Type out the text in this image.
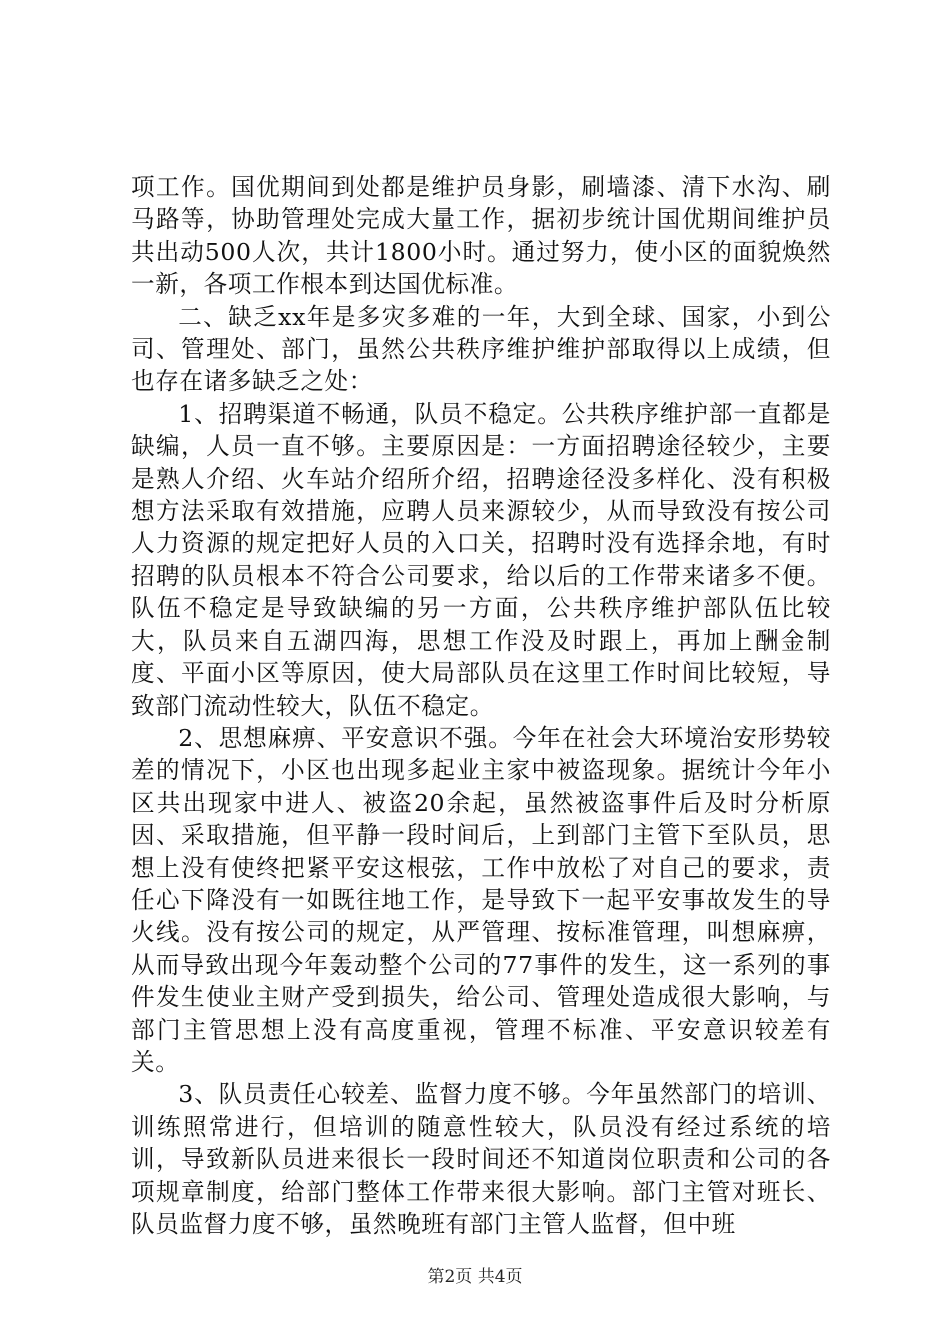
项工作。国优期间到处都是维护员身影，刷墙漆、清下水沟、刷马路等，协助管理处完成大量工作，据初步统计国优期间维护员共出动500人次，共计1800小时。通过努力，使小区的面貌焕然一新，各项工作根本到达国优标准。

二、缺乏xx年是多灾多难的一年，大到全球、国家，小到公司、管理处、部门，虽然公共秩序维护维护部取得以上成绩，但也存在诸多缺乏之处：

1、招聘渠道不畅通，队员不稳定。公共秩序维护部一直都是缺编，人员一直不够。主要原因是：一方面招聘途径较少，主要是熟人介绍、火车站介绍所介绍，招聘途径没多样化、没有积极想方法采取有效措施，应聘人员来源较少，从而导致没有按公司人力资源的规定把好人员的入口关，招聘时没有选择余地，有时招聘的队员根本不符合公司要求，给以后的工作带来诸多不便。队伍不稳定是导致缺编的另一方面，公共秩序维护部队伍比较大，队员来自五湖四海，思想工作没及时跟上，再加上酬金制度、平面小区等原因，使大局部队员在这里工作时间比较短，导致部门流动性较大，队伍不稳定。

2、思想麻痹、平安意识不强。今年在社会大环境治安形势较差的情况下，小区也出现多起业主家中被盗现象。据统计今年小区共出现家中进人、被盗20余起，虽然被盗事件后及时分析原因、采取措施，但平静一段时间后，上到部门主管下至队员，思想上没有使终把紧平安这根弦，工作中放松了对自己的要求，责任心下降没有一如既往地工作，是导致下一起平安事故发生的导火线。没有按公司的规定，从严管理、按标准管理，叫想麻痹，从而导致出现今年轰动整个公司的77事件的发生，这一系列的事件发生使业主财产受到损失，给公司、管理处造成很大影响，与部门主管思想上没有高度重视，管理不标准、平安意识较差有关。

3、队员责任心较差、监督力度不够。今年虽然部门的培训、训练照常进行，但培训的随意性较大，队员没有经过系统的培训，导致新队员进来很长一段时间还不知道岗位职责和公司的各项规章制度，给部门整体工作带来很大影响。部门主管对班长、队员监督力度不够，虽然晚班有部门主管人监督，但中班

第2页 共4页
